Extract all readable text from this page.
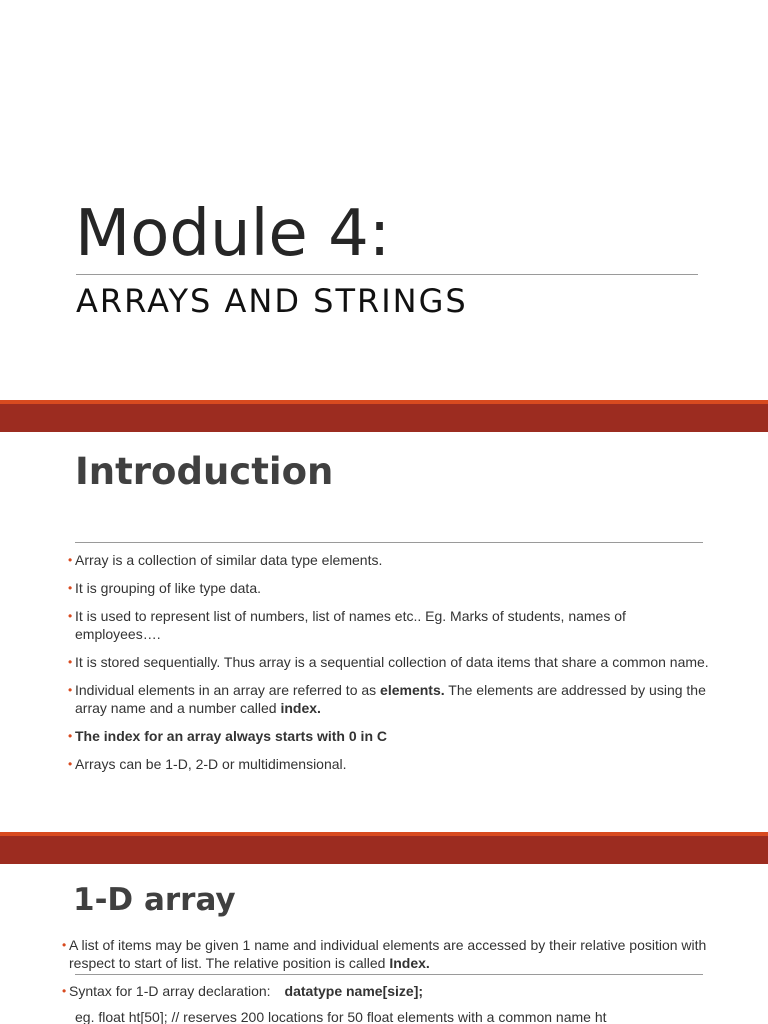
Module 4:
ARRAYS AND STRINGS
Introduction
• Array is a collection of similar data type elements.
• It is grouping of like type data.
• It is used to represent list of numbers, list of names etc.. Eg. Marks of students, names of employees….
• It is stored sequentially. Thus array is a sequential collection of data items that share a common name.
• Individual elements in an array are referred to as elements. The elements are addressed by using the array name and a number called index.
• The index for an array always starts with 0 in C
• Arrays can be 1-D, 2-D or multidimensional.
1-D array
• A list of items may be given 1 name and individual elements are accessed by their relative position with respect to start of list. The relative position is called Index.
• Syntax for 1-D array declaration: datatype name[size];
eg. float ht[50]; // reserves 200 locations for 50 float elements with a common name ht
